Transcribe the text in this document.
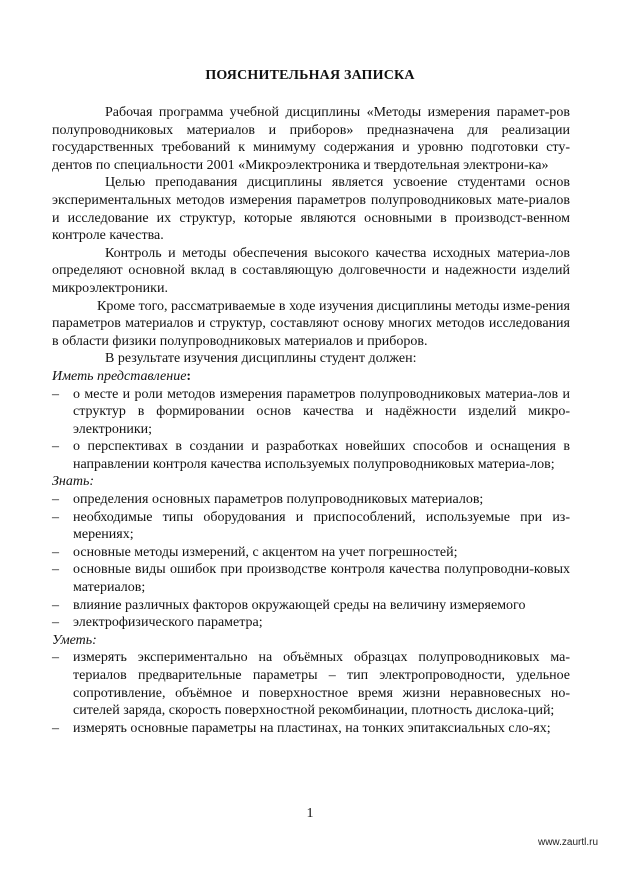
ПОЯСНИТЕЛЬНАЯ ЗАПИСКА

Рабочая программа учебной дисциплины «Методы измерения парамет-ров полупроводниковых материалов и приборов» предназначена для реализации государственных требований к минимуму содержания и уровню подготовки сту-дентов по специальности 2001 «Микроэлектроника и твердотельная электрони-ка»

Целью преподавания дисциплины является усвоение студентами основ экспериментальных методов измерения параметров полупроводниковых мате-риалов и исследование их структур, которые являются основными в производст-венном контроле качества.

Контроль и методы обеспечения высокого качества исходных материа-лов определяют основной вклад в составляющую долговечности и надежности изделий микроэлектроники.

Кроме того, рассматриваемые в ходе изучения дисциплины методы изме-рения параметров материалов и структур, составляют основу многих методов исследования в области физики полупроводниковых материалов и приборов.

В результате изучения дисциплины студент должен:

Иметь представление:

– о месте и роли методов измерения параметров полупроводниковых материа-лов и структур в формировании основ качества и надёжности изделий микро-электроники;
– о перспективах в создании и разработках новейших способов и оснащения в направлении контроля качества используемых полупроводниковых материа-лов;

Знать:

– определения основных параметров полупроводниковых материалов;
– необходимые типы оборудования и приспособлений, используемые при из-мерениях;
– основные методы измерений, с акцентом на учет погрешностей;
– основные виды ошибок при производстве контроля качества полупроводни-ковых материалов;
– влияние различных факторов окружающей среды на величину измеряемого
– электрофизического параметра;

Уметь:

– измерять экспериментально на объёмных образцах полупроводниковых ма-териалов предварительные параметры – тип электропроводности, удельное сопротивление, объёмное и поверхностное время жизни неравновесных но-сителей заряда, скорость поверхностной рекомбинации, плотность дислока-ций;
– измерять основные параметры на пластинах, на тонких эпитаксиальных сло-ях;
1
www.zaurtl.ru
